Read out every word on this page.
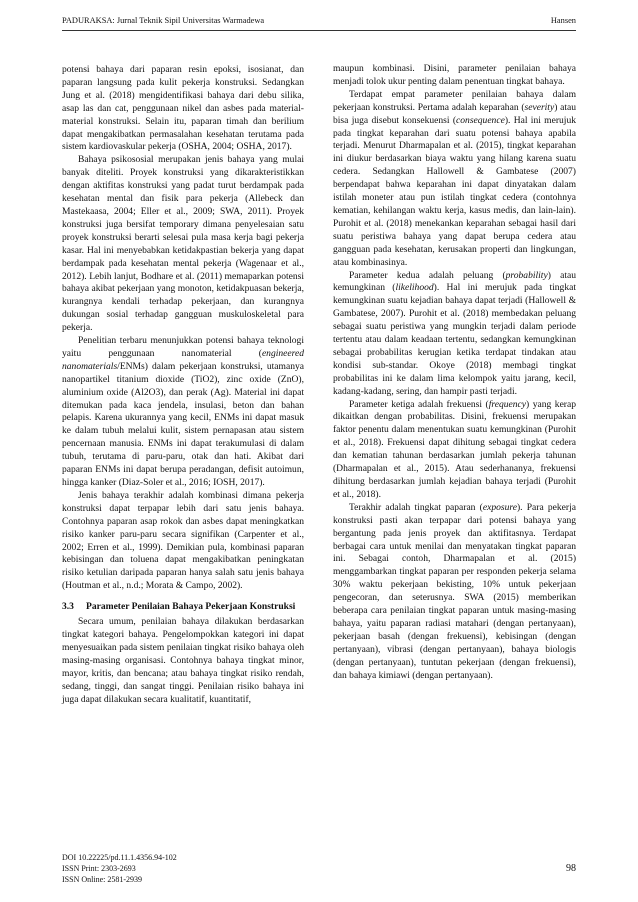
PADURAKSA: Jurnal Teknik Sipil Universitas Warmadewa	Hansen

potensi bahaya dari paparan resin epoksi, isosianat, dan paparan langsung pada kulit pekerja konstruksi. Sedangkan Jung et al. (2018) mengidentifikasi bahaya dari debu silika, asap las dan cat, penggunaan nikel dan asbes pada material-material konstruksi. Selain itu, paparan timah dan berilium dapat mengakibatkan permasalahan kesehatan terutama pada sistem kardiovaskular pekerja (OSHA, 2004; OSHA, 2017).

Bahaya psikososial merupakan jenis bahaya yang mulai banyak diteliti. Proyek konstruksi yang dikarakteristikkan dengan aktifitas konstruksi yang padat turut berdampak pada kesehatan mental dan fisik para pekerja (Allebeck dan Mastekaasa, 2004; Eller et al., 2009; SWA, 2011). Proyek konstruksi juga bersifat temporary dimana penyelesaian satu proyek konstruksi berarti selesai pula masa kerja bagi pekerja kasar. Hal ini menyebabkan ketidakpastian bekerja yang dapat berdampak pada kesehatan mental pekerja (Wagenaar et al., 2012). Lebih lanjut, Bodhare et al. (2011) memaparkan potensi bahaya akibat pekerjaan yang monoton, ketidakpuasan bekerja, kurangnya kendali terhadap pekerjaan, dan kurangnya dukungan sosial terhadap gangguan muskuloskeletal para pekerja.

Penelitian terbaru menunjukkan potensi bahaya teknologi yaitu penggunaan nanomaterial (engineered nanomaterials/ENMs) dalam pekerjaan konstruksi, utamanya nanopartikel titanium dioxide (TiO2), zinc oxide (ZnO), aluminium oxide (Al2O3), dan perak (Ag). Material ini dapat ditemukan pada kaca jendela, insulasi, beton dan bahan pelapis. Karena ukurannya yang kecil, ENMs ini dapat masuk ke dalam tubuh melalui kulit, sistem pernapasan atau sistem pencernaan manusia. ENMs ini dapat terakumulasi di dalam tubuh, terutama di paru-paru, otak dan hati. Akibat dari paparan ENMs ini dapat berupa peradangan, defisit autoimun, hingga kanker (Diaz-Soler et al., 2016; IOSH, 2017).

Jenis bahaya terakhir adalah kombinasi dimana pekerja konstruksi dapat terpapar lebih dari satu jenis bahaya. Contohnya paparan asap rokok dan asbes dapat meningkatkan risiko kanker paru-paru secara signifikan (Carpenter et al., 2002; Erren et al., 1999). Demikian pula, kombinasi paparan kebisingan dan toluena dapat mengakibatkan peningkatan risiko ketulian daripada paparan hanya salah satu jenis bahaya (Houtman et al., n.d.; Morata & Campo, 2002).

3.3	Parameter Penilaian Bahaya Pekerjaan Konstruksi

Secara umum, penilaian bahaya dilakukan berdasarkan tingkat kategori bahaya. Pengelompokkan kategori ini dapat menyesuaikan pada sistem penilaian tingkat risiko bahaya oleh masing-masing organisasi. Contohnya bahaya tingkat minor, mayor, kritis, dan bencana; atau bahaya tingkat risiko rendah, sedang, tinggi, dan sangat tinggi. Penilaian risiko bahaya ini juga dapat dilakukan secara kualitatif, kuantitatif,

maupun kombinasi. Disini, parameter penilaian bahaya menjadi tolok ukur penting dalam penentuan tingkat bahaya.

Terdapat empat parameter penilaian bahaya dalam pekerjaan konstruksi. Pertama adalah keparahan (severity) atau bisa juga disebut konsekuensi (consequence). Hal ini merujuk pada tingkat keparahan dari suatu potensi bahaya apabila terjadi. Menurut Dharmapalan et al. (2015), tingkat keparahan ini diukur berdasarkan biaya waktu yang hilang karena suatu cedera. Sedangkan Hallowell & Gambatese (2007) berpendapat bahwa keparahan ini dapat dinyatakan dalam istilah moneter atau pun istilah tingkat cedera (contohnya kematian, kehilangan waktu kerja, kasus medis, dan lain-lain). Purohit et al. (2018) menekankan keparahan sebagai hasil dari suatu peristiwa bahaya yang dapat berupa cedera atau gangguan pada kesehatan, kerusakan properti dan lingkungan, atau kombinasinya.

Parameter kedua adalah peluang (probability) atau kemungkinan (likelihood). Hal ini merujuk pada tingkat kemungkinan suatu kejadian bahaya dapat terjadi (Hallowell & Gambatese, 2007). Purohit et al. (2018) membedakan peluang sebagai suatu peristiwa yang mungkin terjadi dalam periode tertentu atau dalam keadaan tertentu, sedangkan kemungkinan sebagai probabilitas kerugian ketika terdapat tindakan atau kondisi sub-standar. Okoye (2018) membagi tingkat probabilitas ini ke dalam lima kelompok yaitu jarang, kecil, kadang-kadang, sering, dan hampir pasti terjadi.

Parameter ketiga adalah frekuensi (frequency) yang kerap dikaitkan dengan probabilitas. Disini, frekuensi merupakan faktor penentu dalam menentukan suatu kemungkinan (Purohit et al., 2018). Frekuensi dapat dihitung sebagai tingkat cedera dan kematian tahunan berdasarkan jumlah pekerja tahunan (Dharmapalan et al., 2015). Atau sederhananya, frekuensi dihitung berdasarkan jumlah kejadian bahaya terjadi (Purohit et al., 2018).

Terakhir adalah tingkat paparan (exposure). Para pekerja konstruksi pasti akan terpapar dari potensi bahaya yang bergantung pada jenis proyek dan aktifitasnya. Terdapat berbagai cara untuk menilai dan menyatakan tingkat paparan ini. Sebagai contoh, Dharmapalan et al. (2015) menggambarkan tingkat paparan per responden pekerja selama 30% waktu pekerjaan bekisting, 10% untuk pekerjaan pengecoran, dan seterusnya. SWA (2015) memberikan beberapa cara penilaian tingkat paparan untuk masing-masing bahaya, yaitu paparan radiasi matahari (dengan pertanyaan), pekerjaan basah (dengan frekuensi), kebisingan (dengan pertanyaan), vibrasi (dengan pertanyaan), bahaya biologis (dengan pertanyaan), tuntutan pekerjaan (dengan frekuensi), dan bahaya kimiawi (dengan pertanyaan).

DOI 10.22225/pd.11.1.4356.94-102
ISSN Print: 2303-2693
ISSN Online: 2581-2939
98
